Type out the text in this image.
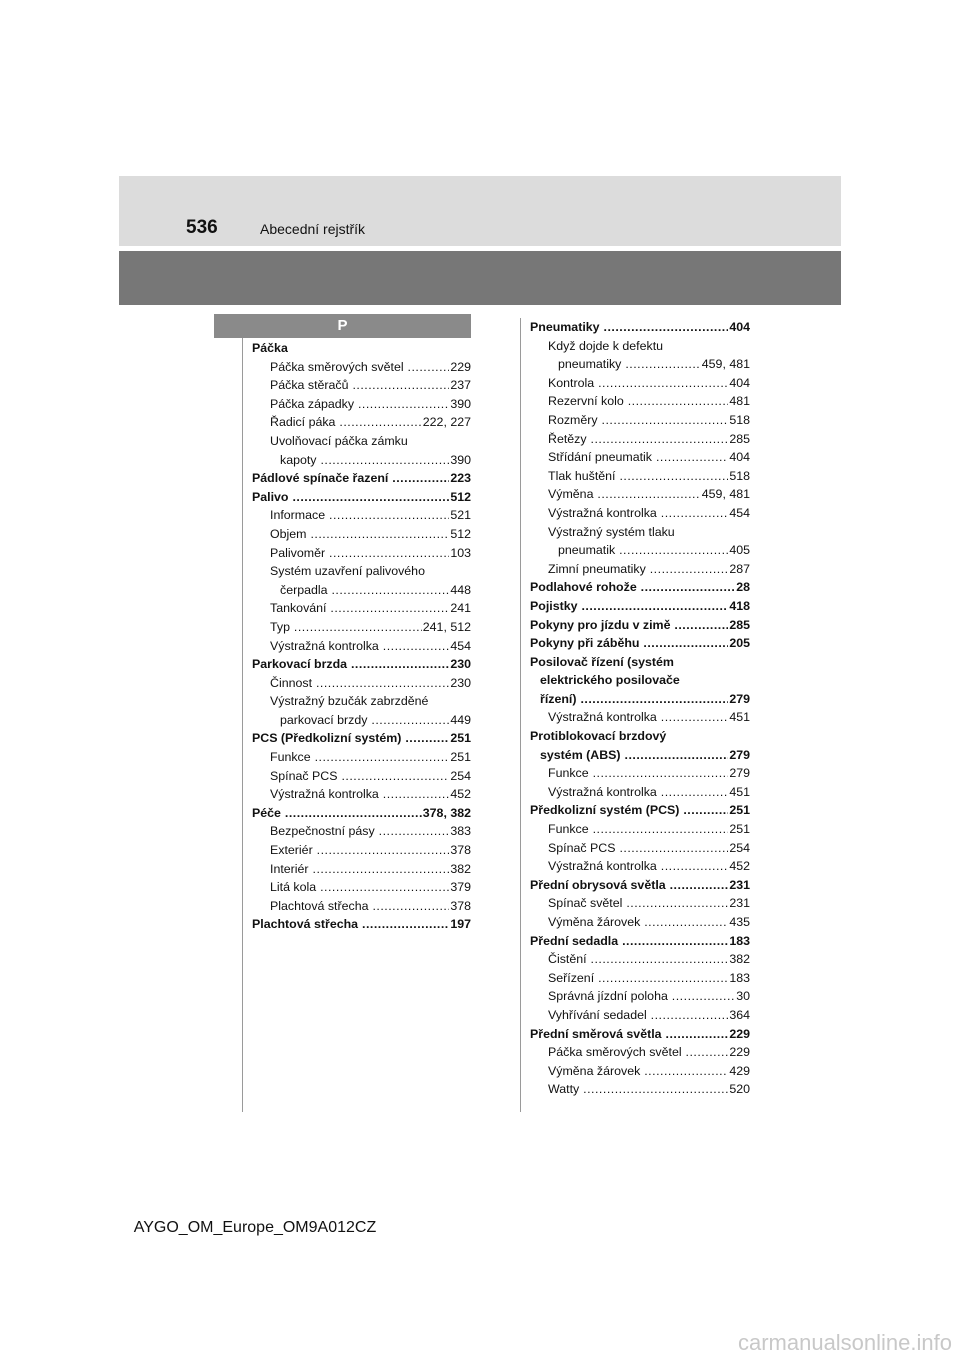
536	Abecední rejstřík
P
Páčka
Páčka směrových světel .....	229
Páčka stěračů .....	237
Páčka západky .....	390
Řadicí páka .....	222, 227
Uvolňovací páčka zámku
kapoty .....	390
Pádlové spínače řazení .....	223
Palivo .....	512
Informace .....	521
Objem .....	512
Palivoměr .....	103
Systém uzavření palivového
čerpadla .....	448
Tankování .....	241
Typ .....	241, 512
Výstražná kontrolka .....	454
Parkovací brzda .....	230
Činnost .....	230
Výstražný bzučák zabrzděné
parkovací brzdy .....	449
PCS (Předkolizní systém) .....	251
Funkce .....	251
Spínač PCS .....	254
Výstražná kontrolka .....	452
Péče .....	378, 382
Bezpečnostní pásy .....	383
Exteriér .....	378
Interiér .....	382
Litá kola .....	379
Plachtová střecha .....	378
Plachtová střecha .....	197
Pneumatiky .....	404
Když dojde k defektu
pneumatiky .....	459, 481
Kontrola .....	404
Rezervní kolo .....	481
Rozměry .....	518
Řetězy .....	285
Střídání pneumatik .....	404
Tlak huštění .....	518
Výměna .....	459, 481
Výstražná kontrolka .....	454
Výstražný systém tlaku
pneumatik .....	405
Zimní pneumatiky .....	287
Podlahové rohože .....	28
Pojistky .....	418
Pokyny pro jízdu v zimě .....	285
Pokyny při záběhu .....	205
Posilovač řízení (systém
elektrického posilovače
řízení) .....	279
Výstražná kontrolka .....	451
Protiblokovací brzdový
systém (ABS) .....	279
Funkce .....	279
Výstražná kontrolka .....	451
Předkolizní systém (PCS) .....	251
Funkce .....	251
Spínač PCS .....	254
Výstražná kontrolka .....	452
Přední obrysová světla .....	231
Spínač světel .....	231
Výměna žárovek .....	435
Přední sedadla .....	183
Čistění .....	382
Seřízení .....	183
Správná jízdní poloha .....	30
Vyhřívání sedadel .....	364
Přední směrová světla .....	229
Páčka směrových světel .....	229
Výměna žárovek .....	429
Watty .....	520
AYGO_OM_Europe_OM9A012CZ
carmanualsonline.info
